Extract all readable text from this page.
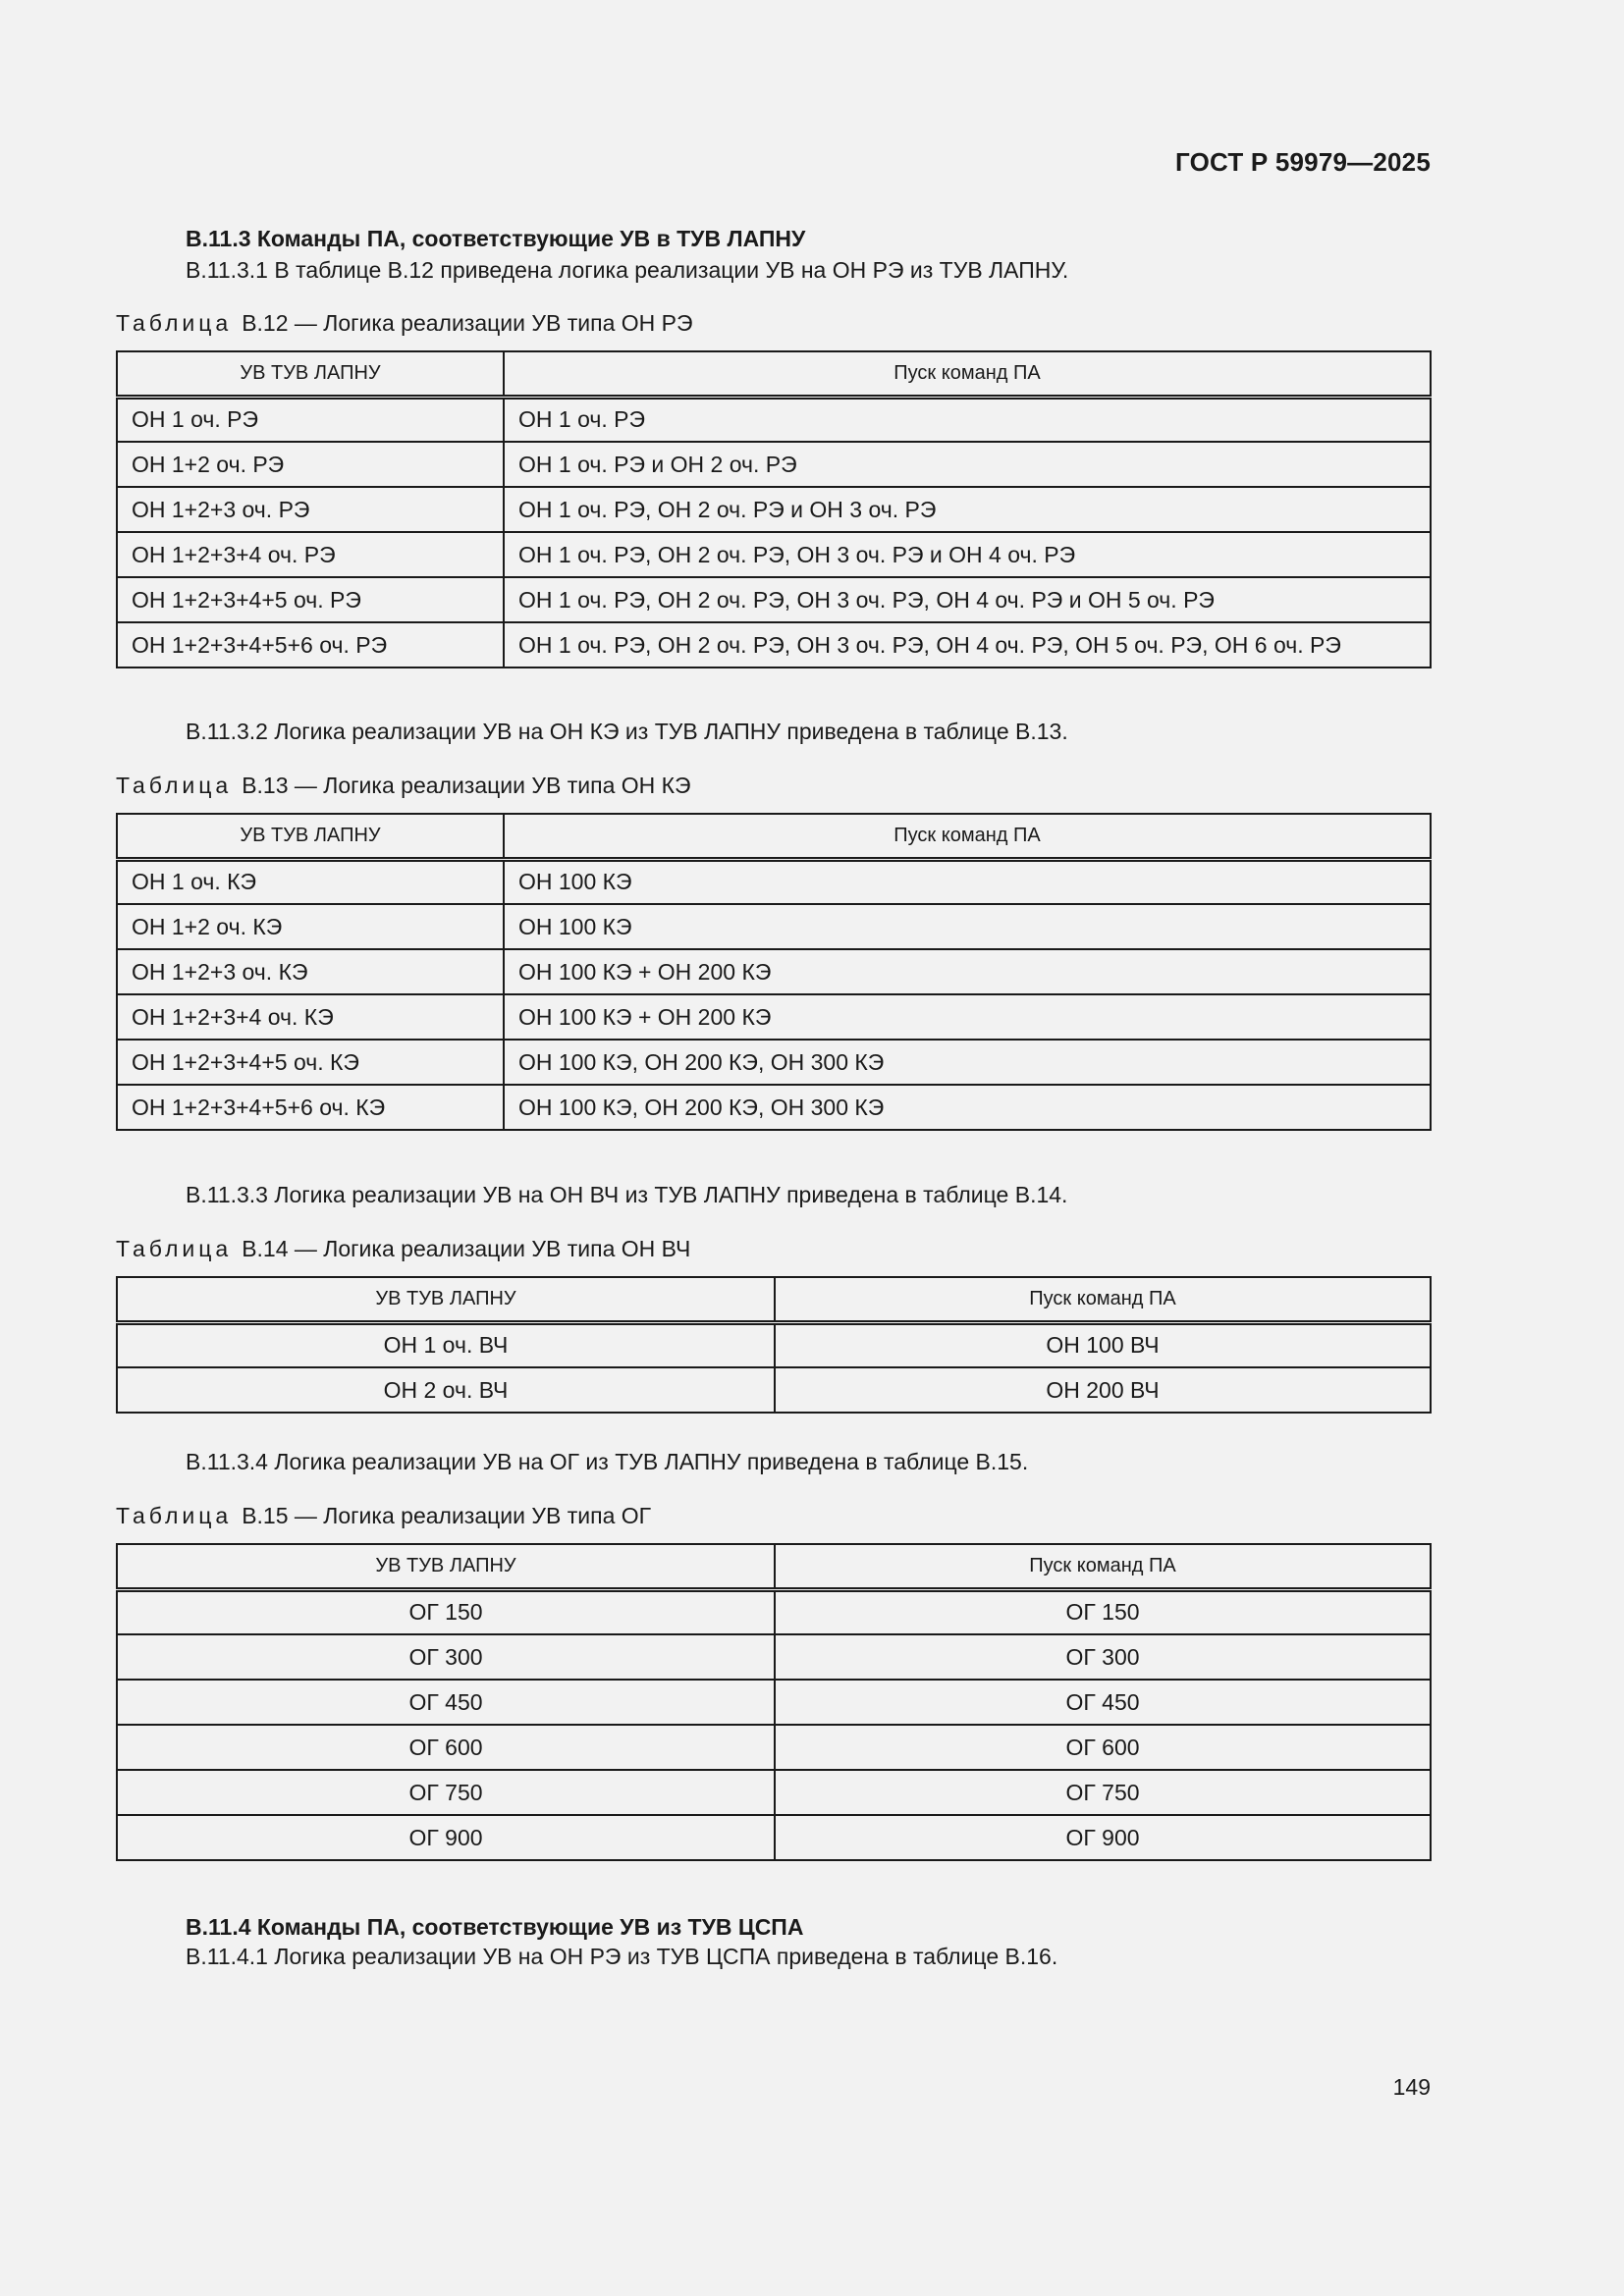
ГОСТ Р 59979—2025
В.11.3 Команды ПА, соответствующие УВ в ТУВ ЛАПНУ
В.11.3.1 В таблице В.12 приведена логика реализации УВ на ОН РЭ из ТУВ ЛАПНУ.
Таблица В.12 — Логика реализации УВ типа ОН РЭ
УВ ТУВ ЛАПНУ	Пуск команд ПА
ОН 1 оч. РЭ	ОН 1 оч. РЭ
ОН 1+2 оч. РЭ	ОН 1 оч. РЭ и ОН 2 оч. РЭ
ОН 1+2+3 оч. РЭ	ОН 1 оч. РЭ, ОН 2 оч. РЭ и ОН 3 оч. РЭ
ОН 1+2+3+4 оч. РЭ	ОН 1 оч. РЭ, ОН 2 оч. РЭ, ОН 3 оч. РЭ и ОН 4 оч. РЭ
ОН 1+2+3+4+5 оч. РЭ	ОН 1 оч. РЭ, ОН 2 оч. РЭ, ОН 3 оч. РЭ, ОН 4 оч. РЭ и ОН 5 оч. РЭ
ОН 1+2+3+4+5+6 оч. РЭ	ОН 1 оч. РЭ, ОН 2 оч. РЭ, ОН 3 оч. РЭ, ОН 4 оч. РЭ, ОН 5 оч. РЭ, ОН 6 оч. РЭ
В.11.3.2 Логика реализации УВ на ОН КЭ из ТУВ ЛАПНУ приведена в таблице В.13.
Таблица В.13 — Логика реализации УВ типа ОН КЭ
УВ ТУВ ЛАПНУ	Пуск команд ПА
ОН 1 оч. КЭ	ОН 100 КЭ
ОН 1+2 оч. КЭ	ОН 100 КЭ
ОН 1+2+3 оч. КЭ	ОН 100 КЭ + ОН 200 КЭ
ОН 1+2+3+4 оч. КЭ	ОН 100 КЭ + ОН 200 КЭ
ОН 1+2+3+4+5 оч. КЭ	ОН 100 КЭ, ОН 200 КЭ, ОН 300 КЭ
ОН 1+2+3+4+5+6 оч. КЭ	ОН 100 КЭ, ОН 200 КЭ, ОН 300 КЭ
В.11.3.3 Логика реализации УВ на ОН ВЧ из ТУВ ЛАПНУ приведена в таблице В.14.
Таблица В.14 — Логика реализации УВ типа ОН ВЧ
УВ ТУВ ЛАПНУ	Пуск команд ПА
ОН 1 оч. ВЧ	ОН 100 ВЧ
ОН 2 оч. ВЧ	ОН 200 ВЧ
В.11.3.4 Логика реализации УВ на ОГ из ТУВ ЛАПНУ приведена в таблице В.15.
Таблица В.15 — Логика реализации УВ типа ОГ
УВ ТУВ ЛАПНУ	Пуск команд ПА
ОГ 150	ОГ 150
ОГ 300	ОГ 300
ОГ 450	ОГ 450
ОГ 600	ОГ 600
ОГ 750	ОГ 750
ОГ 900	ОГ 900
В.11.4 Команды ПА, соответствующие УВ из ТУВ ЦСПА
В.11.4.1 Логика реализации УВ на ОН РЭ из ТУВ ЦСПА приведена в таблице В.16.
149
